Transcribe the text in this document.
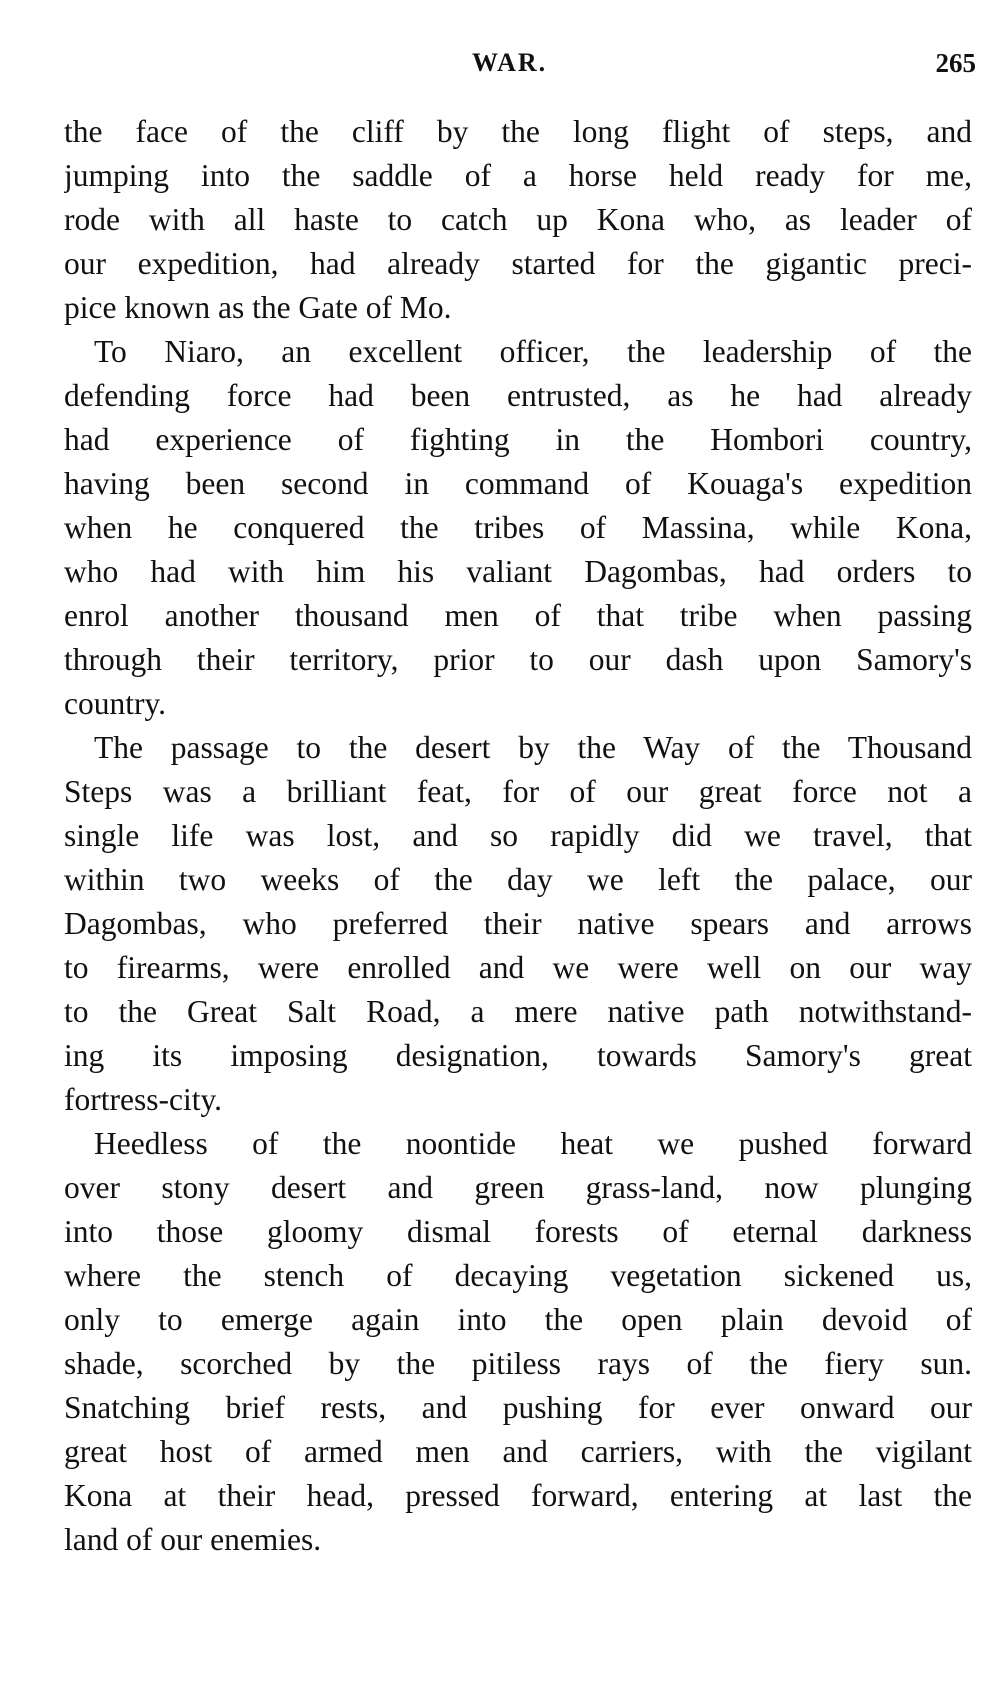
WAR.	265
the face of the cliff by the long flight of steps, and
jumping into the saddle of a horse held ready for me,
rode with all haste to catch up Kona who, as leader of
our expedition, had already started for the gigantic preci-
pice known as the Gate of Mo.
To Niaro, an excellent officer, the leadership of the
defending force had been entrusted, as he had already
had experience of fighting in the Hombori country,
having been second in command of Kouaga's expedition
when he conquered the tribes of Massina, while Kona,
who had with him his valiant Dagombas, had orders to
enrol another thousand men of that tribe when passing
through their territory, prior to our dash upon Samory's
country.
The passage to the desert by the Way of the Thousand
Steps was a brilliant feat, for of our great force not a
single life was lost, and so rapidly did we travel, that
within two weeks of the day we left the palace, our
Dagombas, who preferred their native spears and arrows
to firearms, were enrolled and we were well on our way
to the Great Salt Road, a mere native path notwithstand-
ing its imposing designation, towards Samory's great
fortress-city.
Heedless of the noontide heat we pushed forward
over stony desert and green grass-land, now plunging
into those gloomy dismal forests of eternal darkness
where the stench of decaying vegetation sickened us,
only to emerge again into the open plain devoid of
shade, scorched by the pitiless rays of the fiery sun.
Snatching brief rests, and pushing for ever onward our
great host of armed men and carriers, with the vigilant
Kona at their head, pressed forward, entering at last the
land of our enemies.
